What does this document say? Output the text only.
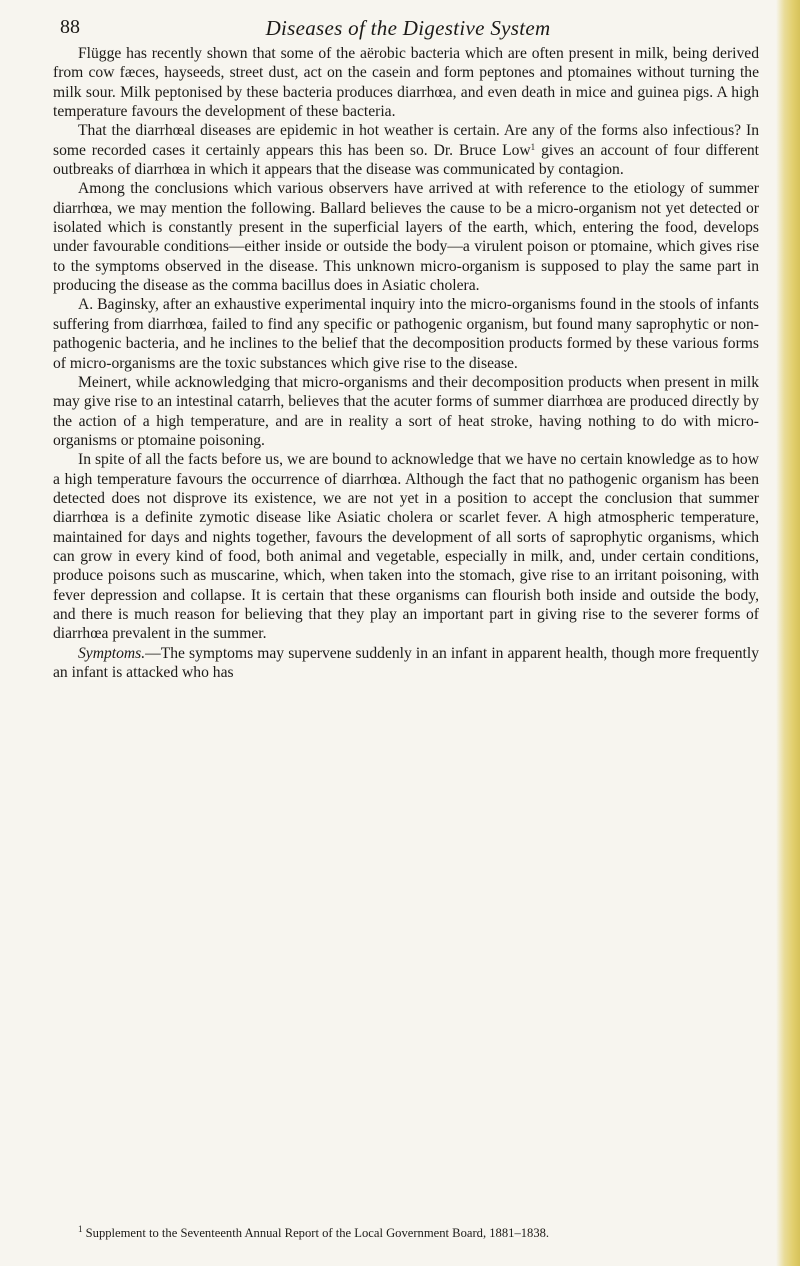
88	Diseases of the Digestive System

Flügge has recently shown that some of the aërobic bacteria which are often present in milk, being derived from cow fæces, hayseeds, street dust, act on the casein and form peptones and ptomaines without turning the milk sour. Milk peptonised by these bacteria produces diarrhœa, and even death in mice and guinea pigs. A high temperature favours the development of these bacteria.

That the diarrhœal diseases are epidemic in hot weather is certain. Are any of the forms also infectious? In some recorded cases it certainly appears this has been so. Dr. Bruce Low$^1$ gives an account of four different outbreaks of diarrhœa in which it appears that the disease was communicated by contagion.

Among the conclusions which various observers have arrived at with reference to the etiology of summer diarrhœa, we may mention the following. Ballard believes the cause to be a micro-organism not yet detected or isolated which is constantly present in the superficial layers of the earth, which, entering the food, develops under favourable conditions—either inside or outside the body—a virulent poison or ptomaine, which gives rise to the symptoms observed in the disease. This unknown micro-organism is supposed to play the same part in producing the disease as the comma bacillus does in Asiatic cholera.

A. Baginsky, after an exhaustive experimental inquiry into the micro-organisms found in the stools of infants suffering from diarrhœa, failed to find any specific or pathogenic organism, but found many saprophytic or non-pathogenic bacteria, and he inclines to the belief that the decomposition products formed by these various forms of micro-organisms are the toxic substances which give rise to the disease.

Meinert, while acknowledging that micro-organisms and their decomposition products when present in milk may give rise to an intestinal catarrh, believes that the acuter forms of summer diarrhœa are produced directly by the action of a high temperature, and are in reality a sort of heat stroke, having nothing to do with micro-organisms or ptomaine poisoning.

In spite of all the facts before us, we are bound to acknowledge that we have no certain knowledge as to how a high temperature favours the occurrence of diarrhœa. Although the fact that no pathogenic organism has been detected does not disprove its existence, we are not yet in a position to accept the conclusion that summer diarrhœa is a definite zymotic disease like Asiatic cholera or scarlet fever. A high atmospheric temperature, maintained for days and nights together, favours the development of all sorts of saprophytic organisms, which can grow in every kind of food, both animal and vegetable, especially in milk, and, under certain conditions, produce poisons such as muscarine, which, when taken into the stomach, give rise to an irritant poisoning, with fever depression and collapse. It is certain that these organisms can flourish both inside and outside the body, and there is much reason for believing that they play an important part in giving rise to the severer forms of diarrhœa prevalent in the summer.

Symptoms.—The symptoms may supervene suddenly in an infant in apparent health, though more frequently an infant is attacked who has

$^1$ Supplement to the Seventeenth Annual Report of the Local Government Board, 1881–1838.
